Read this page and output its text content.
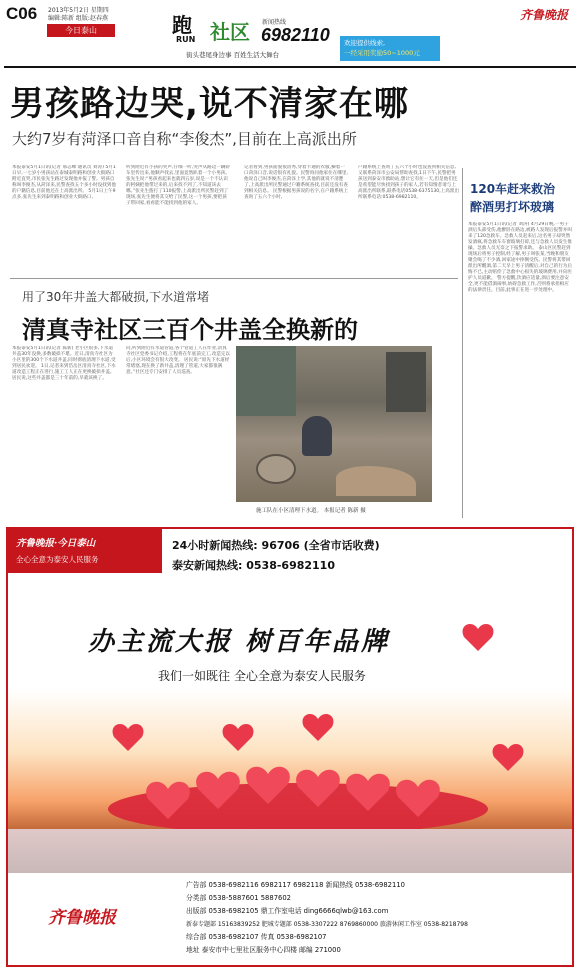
C06 2013年5月2日 星期四
编辑:陈新 组版:赵春燕
今日泰山	跑
RUN 社区
街头巷尾身边事 百姓生活大舞台
新闻热线
6982110 欢迎提供线索,
一经采用奖励50~1000元
齐鲁晚报
男孩路边哭,说不清家在哪
大约7岁有菏泽口音自称“李俊杰”,目前在上高派出所
本报泰安5月1日讯(记者 邢志峰 通讯员 刘涛) 5月1日早,一七岁小男孩站在泰城泰明路和创业大街路口附近直哭,市民张先生路过发现他并报了警。男孩自称叫李俊杰,从菏泽来,民警查找五个多小时没找到他的户籍信息,目前他还在上高派出所。 5月1日上午9点多,张先生来到泰明路和创业大街路口,
听到附近有小孩的哭声,仔细一听,哭声从路边一辆轿车里传出来,他顺声找去,里面竟然趴着一个小男孩。 张先生说:“男孩看起来也就四五岁,说是一个不认识的阿姨把他带过来的,后来找不到了,不知道该去哪。”张先生拨打了110报警,上高派出所民警赶到了现场,张先生便将其交给了民警,这一个男孩,要把孩子带回家,看看能不能找到他的家人。
记者看到,男孩面貌很清秀,穿着卡通的衣服,操着一口菏泽口音,说话很有礼貌。民警询问他家住在哪里,他说自己叫李俊杰,在菏泽上学,其他的就说不清楚了,上高派出所民警通过户籍系统查找,目前还没有查到相关信息。 民警根据男孩说的名字,在户籍系统上查询了五六个小时,
户籍系统上查询了五六个小时也没查到相关信息,又联系菏泽市公安局帮助查找,1日下午,民警把男孩送到泰安市救助站,想让它有住一天,但是他们还是希望能尽快找到孩子的家人,若有知情者请与上高派出所联系,联系电话0538-6375130,上高派出所联系电话:0538-6982110。
用了30年井盖大都破损,下水道常堵
清真寺社区三百个井盖全换新的
本报泰安5月1日讯(记者 陈新) 老小区很多,下水道井盖30年没换,多数破损不堪。近日,清真寺社区为小区里的300个下水道井盖,同时彻底清理下水道,受到居民欢迎。 1日,记者来到岱岳区清真寺社区,下水道改造工程正在进行,施工工人正在更换破损井盖。居民说,这些井盖都是三十年前的,早就该换了。
问,听到附近有水道管道,各个管道工人在作业,清真寺社区党委书记介绍,工程将在年底前完工,改造完以后,小区环境会有很大改变。 居民说:“原先下水道经常堵塞,现在换了新井盖,清理了管道,大家都很满意。”社区还专门安排了人员巡查。
施工队在小区清理下水道。 本报记者 陈新 摄
120车赶来救治
醉酒男打坏玻璃
本报泰安5月1日讯(记者 刘涛) 4月29日晚,一男子酒后头部受伤,他醉卧在路边,被路人发现后报警并叫来了120急救车。急救人员赶来后,这名男子却突然发酒疯,将急救车车窗玻璃打碎,还与急救人员发生推搡。急救人员无奈之下报警求助。 泰山区民警赶到现场后将男子控制,经了解,男子叫张某,当晚和朋友聚会喝了不少酒,回家途中摔倒受伤。民警将其带回派出所醒酒,第二天早上男子清醒后,对自己的行为后悔不已,主动赔偿了急救中心损失的玻璃费用,并向医护人员道歉。 警方提醒,饮酒应适量,酒后要注意安全,更不能借酒闹事,妨碍急救工作,否则将承担相应的法律责任。目前,此事正在进一步处理中。
齐鲁晚报·今日泰山
全心全意为泰安人民服务
24小时新闻热线: 96706 (全省市话收费)
泰安新闻热线: 0538-6982110
办主流大报 树百年品牌
我们一如既往 全心全意为泰安人民服务
齐鲁晚报
广告部 0538-6982116 6982117 6982118 新闻热线 0538-6982110
分类部 0538-5887601 5887602
出版部 0538-6982105 鼎工作室电话 ding6666qlwb@163.com
新泰专题部 15163839252 肥城专题部 0538-3307222 8769860000 旅游休闲工作室 0538-8218798
综合部 0538-6982107 传真 0538-6982107
地址 泰安市中七里社区服务中心四楼 邮编 271000
